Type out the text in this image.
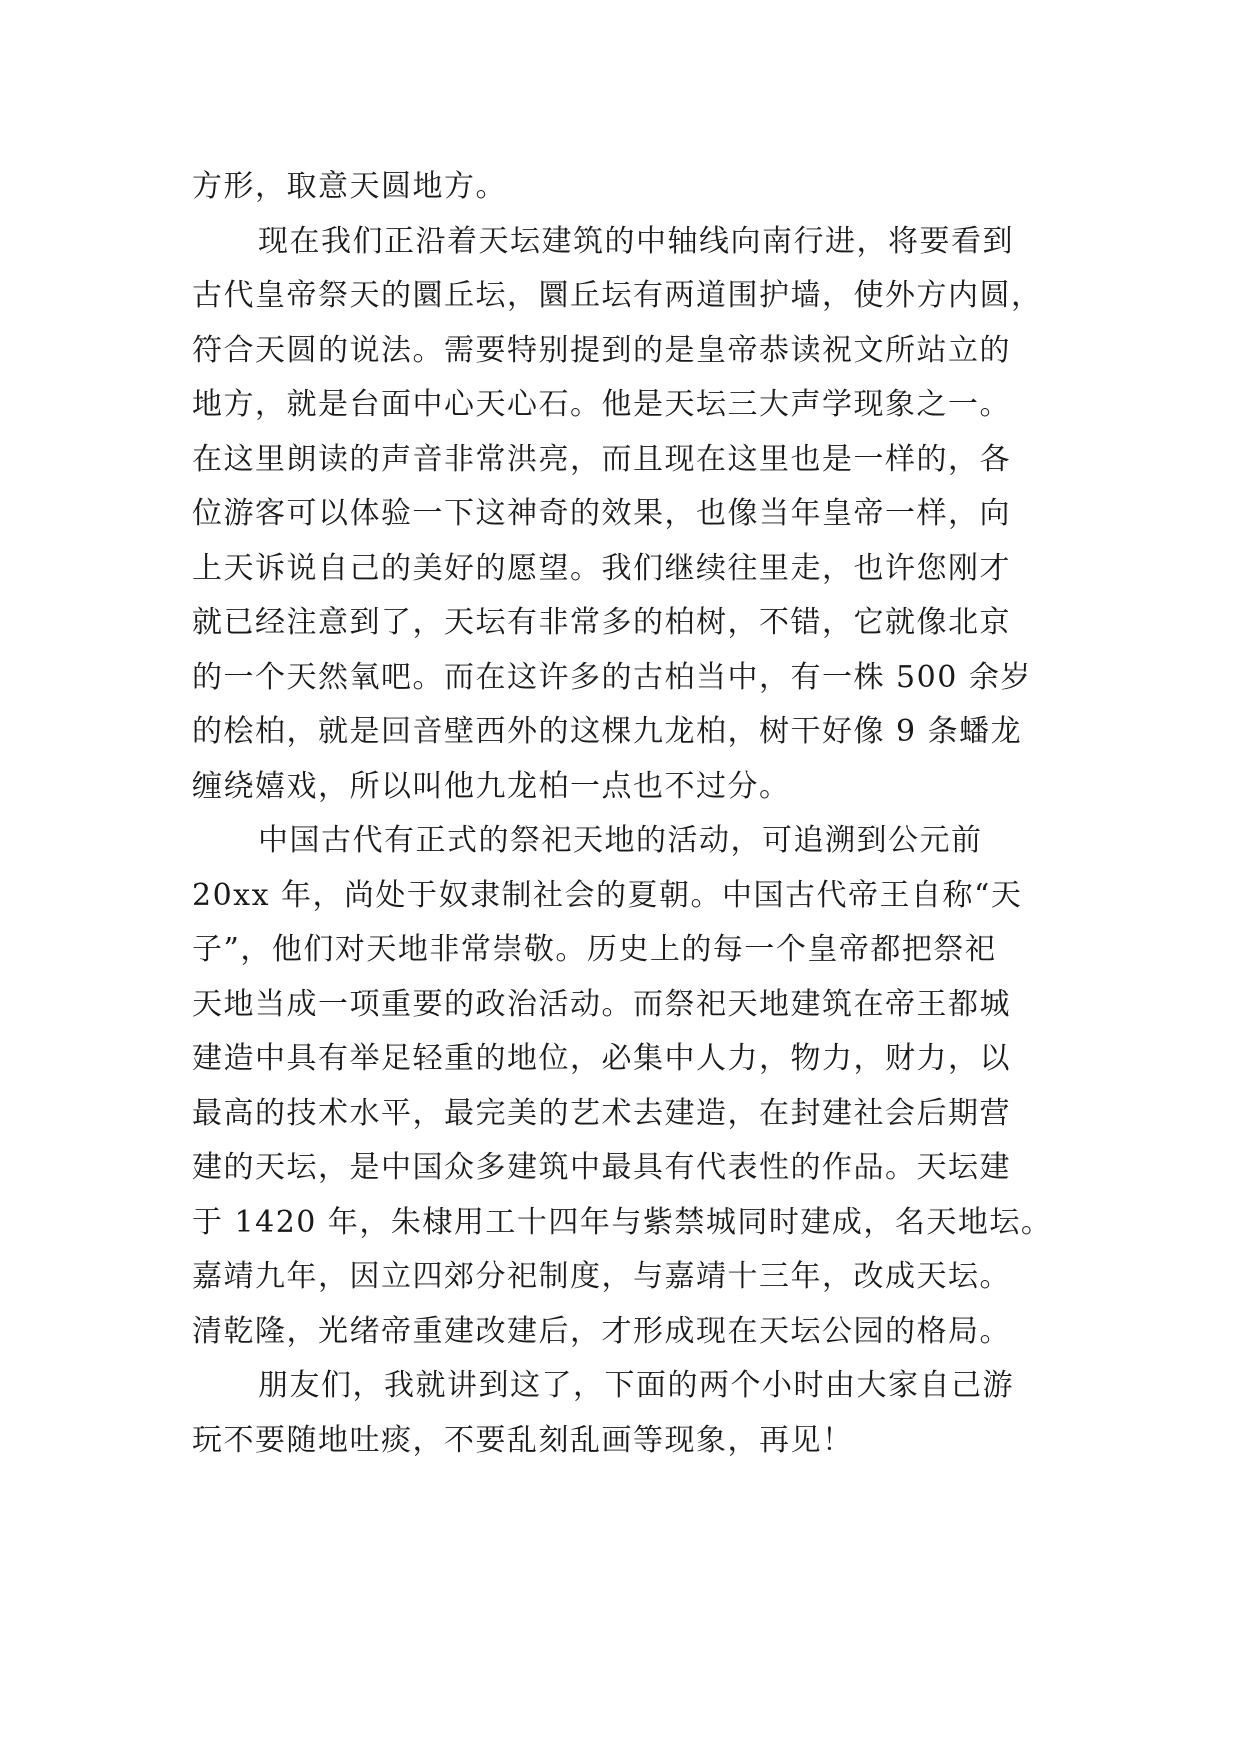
方形，取意天圆地方。
现在我们正沿着天坛建筑的中轴线向南行进，将要看到
古代皇帝祭天的圜丘坛，圜丘坛有两道围护墙，使外方内圆，
符合天圆的说法。需要特别提到的是皇帝恭读祝文所站立的
地方，就是台面中心天心石。他是天坛三大声学现象之一。
在这里朗读的声音非常洪亮，而且现在这里也是一样的，各
位游客可以体验一下这神奇的效果，也像当年皇帝一样，向
上天诉说自己的美好的愿望。我们继续往里走，也许您刚才
就已经注意到了，天坛有非常多的柏树，不错，它就像北京
的一个天然氧吧。而在这许多的古柏当中，有一株 500 余岁
的桧柏，就是回音壁西外的这棵九龙柏，树干好像 9 条蟠龙
缠绕嬉戏，所以叫他九龙柏一点也不过分。
中国古代有正式的祭祀天地的活动，可追溯到公元前
20xx 年，尚处于奴隶制社会的夏朝。中国古代帝王自称“天
子”，他们对天地非常崇敬。历史上的每一个皇帝都把祭祀
天地当成一项重要的政治活动。而祭祀天地建筑在帝王都城
建造中具有举足轻重的地位，必集中人力，物力，财力，以
最高的技术水平，最完美的艺术去建造，在封建社会后期营
建的天坛，是中国众多建筑中最具有代表性的作品。天坛建
于 1420 年，朱棣用工十四年与紫禁城同时建成，名天地坛。
嘉靖九年，因立四郊分祀制度，与嘉靖十三年，改成天坛。
清乾隆，光绪帝重建改建后，才形成现在天坛公园的格局。
朋友们，我就讲到这了，下面的两个小时由大家自己游
玩不要随地吐痰，不要乱刻乱画等现象，再见！
